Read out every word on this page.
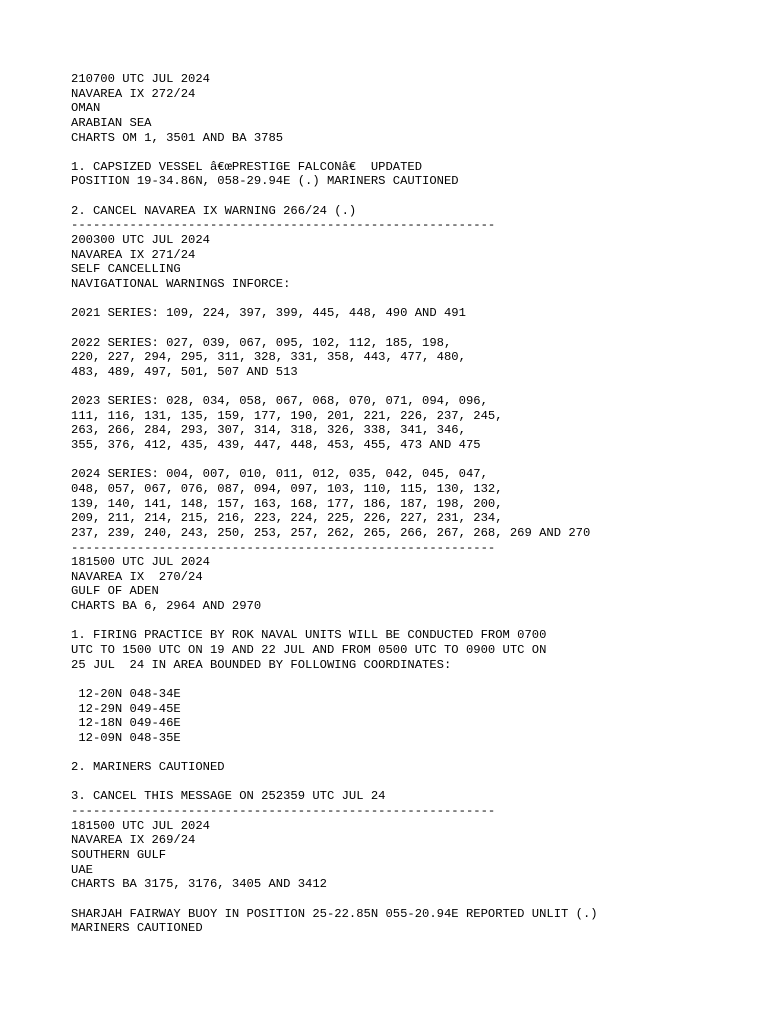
210700 UTC JUL 2024
NAVAREA IX 272/24
OMAN
ARABIAN SEA
CHARTS OM 1, 3501 AND BA 3785
1. CAPSIZED VESSEL â€œPRESTIGE FALCONâ€  UPDATED
POSITION 19-34.86N, 058-29.94E (.) MARINERS CAUTIONED
2. CANCEL NAVAREA IX WARNING 266/24 (.)
----------------------------------------------------------
200300 UTC JUL 2024
NAVAREA IX 271/24
SELF CANCELLING
NAVIGATIONAL WARNINGS INFORCE:
2021 SERIES: 109, 224, 397, 399, 445, 448, 490 AND 491
2022 SERIES: 027, 039, 067, 095, 102, 112, 185, 198,
220, 227, 294, 295, 311, 328, 331, 358, 443, 477, 480,
483, 489, 497, 501, 507 AND 513
2023 SERIES: 028, 034, 058, 067, 068, 070, 071, 094, 096,
111, 116, 131, 135, 159, 177, 190, 201, 221, 226, 237, 245,
263, 266, 284, 293, 307, 314, 318, 326, 338, 341, 346,
355, 376, 412, 435, 439, 447, 448, 453, 455, 473 AND 475
2024 SERIES: 004, 007, 010, 011, 012, 035, 042, 045, 047,
048, 057, 067, 076, 087, 094, 097, 103, 110, 115, 130, 132,
139, 140, 141, 148, 157, 163, 168, 177, 186, 187, 198, 200,
209, 211, 214, 215, 216, 223, 224, 225, 226, 227, 231, 234,
237, 239, 240, 243, 250, 253, 257, 262, 265, 266, 267, 268, 269 AND 270
----------------------------------------------------------
181500 UTC JUL 2024
NAVAREA IX  270/24
GULF OF ADEN
CHARTS BA 6, 2964 AND 2970
1. FIRING PRACTICE BY ROK NAVAL UNITS WILL BE CONDUCTED FROM 0700
UTC TO 1500 UTC ON 19 AND 22 JUL AND FROM 0500 UTC TO 0900 UTC ON
25 JUL  24 IN AREA BOUNDED BY FOLLOWING COORDINATES:
12-20N 048-34E
12-29N 049-45E
12-18N 049-46E
12-09N 048-35E
2. MARINERS CAUTIONED
3. CANCEL THIS MESSAGE ON 252359 UTC JUL 24
----------------------------------------------------------
181500 UTC JUL 2024
NAVAREA IX 269/24
SOUTHERN GULF
UAE
CHARTS BA 3175, 3176, 3405 AND 3412
SHARJAH FAIRWAY BUOY IN POSITION 25-22.85N 055-20.94E REPORTED UNLIT (.)
MARINERS CAUTIONED
